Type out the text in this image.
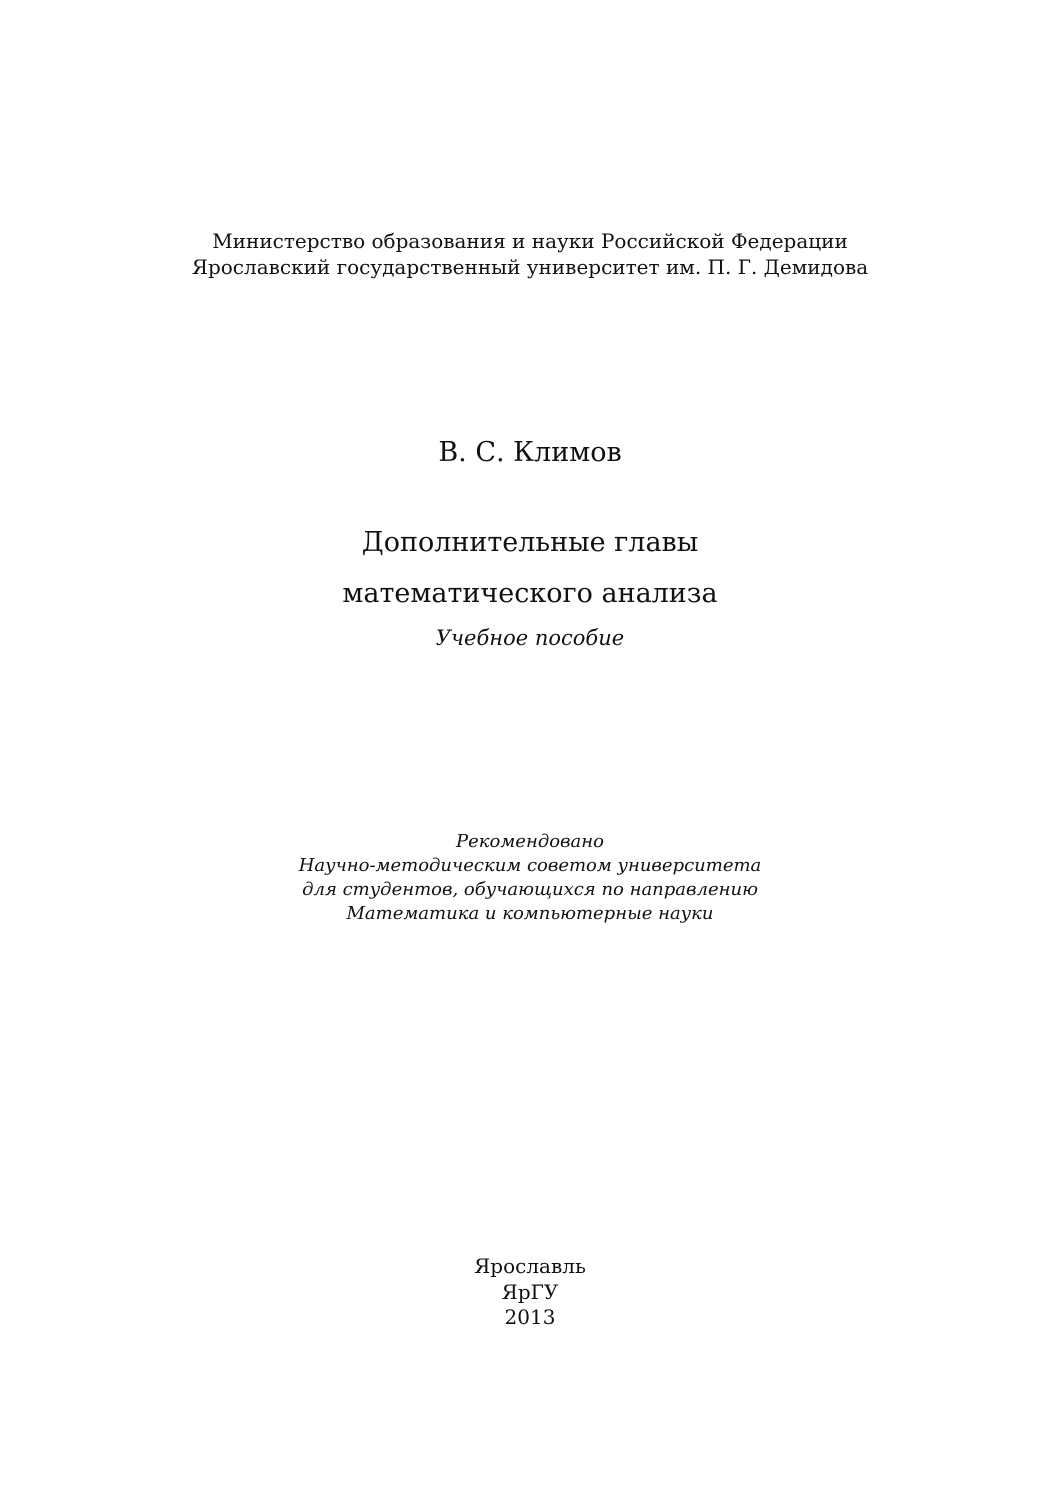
Министерство образования и науки Российской Федерации
Ярославский государственный университет им. П. Г. Демидова
В. С. Климов
Дополнительные главы
математического анализа
Учебное пособие
Рекомендовано
Научно-методическим советом университета
для студентов, обучающихся по направлению
Математика и компьютерные науки
Ярославль
ЯрГУ
2013
